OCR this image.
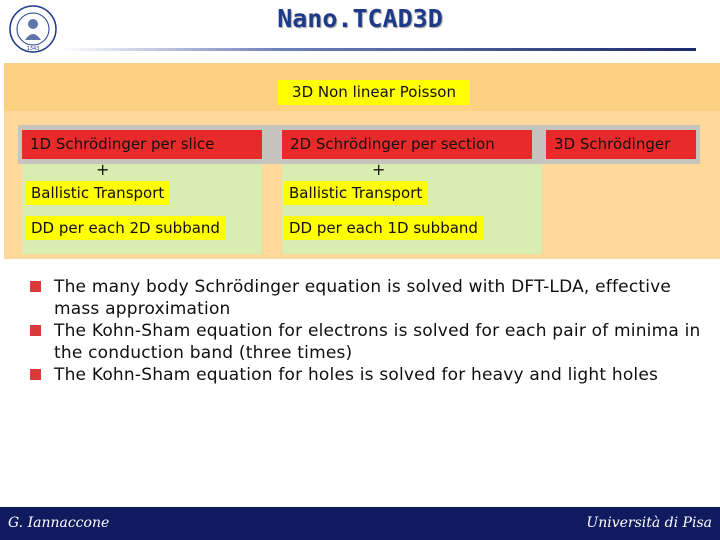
1343
Nano.TCAD3D
3D Non linear Poisson
1D Schrödinger per slice	2D Schrödinger per section	3D Schrödinger
+	+
Ballistic Transport	Ballistic Transport
DD per each 2D subband	DD per each 1D subband
The many body Schrödinger equation is solved with DFT-LDA, effective mass approximation
The Kohn-Sham equation for electrons is solved for each pair of minima in the conduction band (three times)
The Kohn-Sham equation for holes is solved for heavy and light holes
G. Iannaccone	Università di Pisa
